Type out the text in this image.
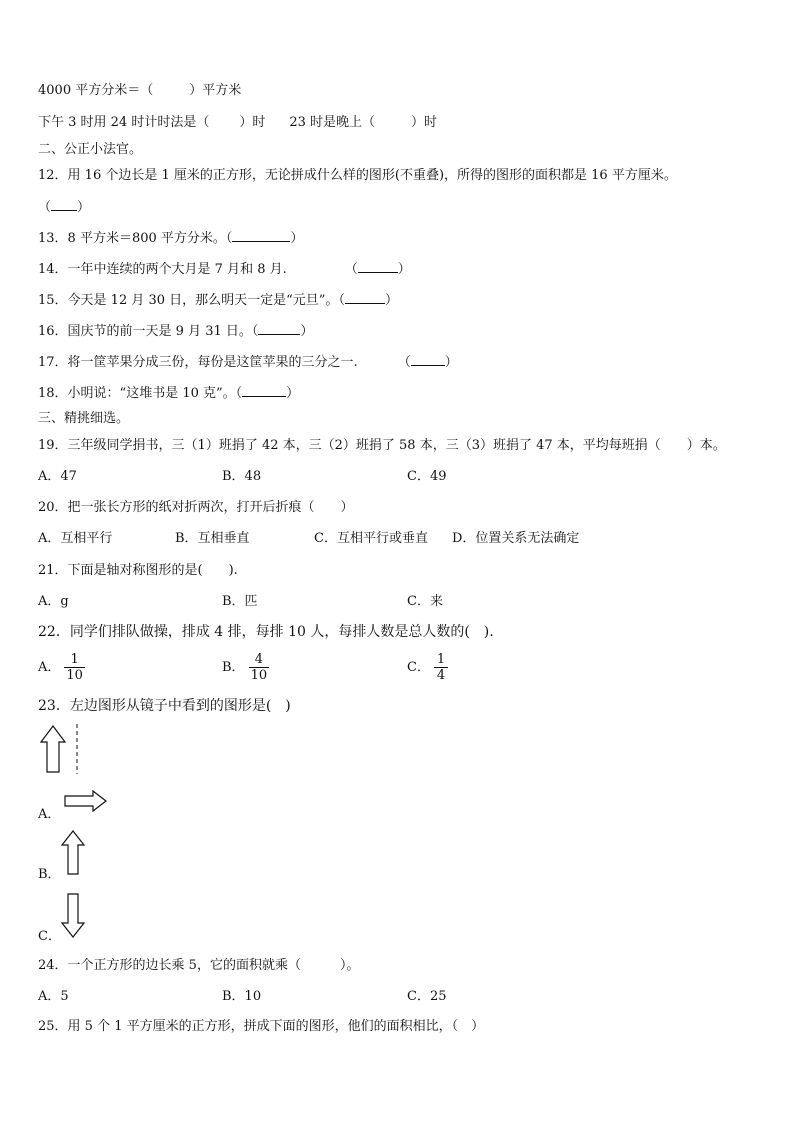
4000 平方分米＝（	）平方米
下午 3 时用 24 时计时法是（ ）时 23 时是晚上（	）时
二、公正小法官。
12．用 16 个边长是 1 厘米的正方形，无论拼成什么样的图形(不重叠)，所得的图形的面积都是 16 平方厘米。
（ ）
13．8 平方米＝800 平方分米。（	）
14．一年中连续的两个大月是 7 月和 8 月.	（	）
15．今天是 12 月 30 日，那么明天一定是“元旦”。（	）
16．国庆节的前一天是 9 月 31 日。（	）
17．将一筐苹果分成三份，每份是这筐苹果的三分之一.	（	）
18．小明说：“这堆书是 10 克”。（	）
三、精挑细选。
19．三年级同学捐书，三（1）班捐了 42 本，三（2）班捐了 58 本，三（3）班捐了 47 本，平均每班捐（　　）本。
A．47	B．48	C．49
20．把一张长方形的纸对折两次，打开后折痕（　　）
A．互相平行	B．互相垂直	C．互相平行或垂直 D．位置关系无法确定
21．下面是轴对称图形的是(　　).
A．g	B．匹	C．来
22．同学们排队做操，排成 4 排，每排 10 人，每排人数是总人数的(　).
A． $\frac{1}{10}$	B． $\frac{4}{10}$	C． $\frac{1}{4}$
23．左边图形从镜子中看到的图形是(　)
A．
B．
C．
24．一个正方形的边长乘 5，它的面积就乘（　　　）。
A．5	B．10	C．25
25．用 5 个 1 平方厘米的正方形，拼成下面的图形，他们的面积相比，（　）
